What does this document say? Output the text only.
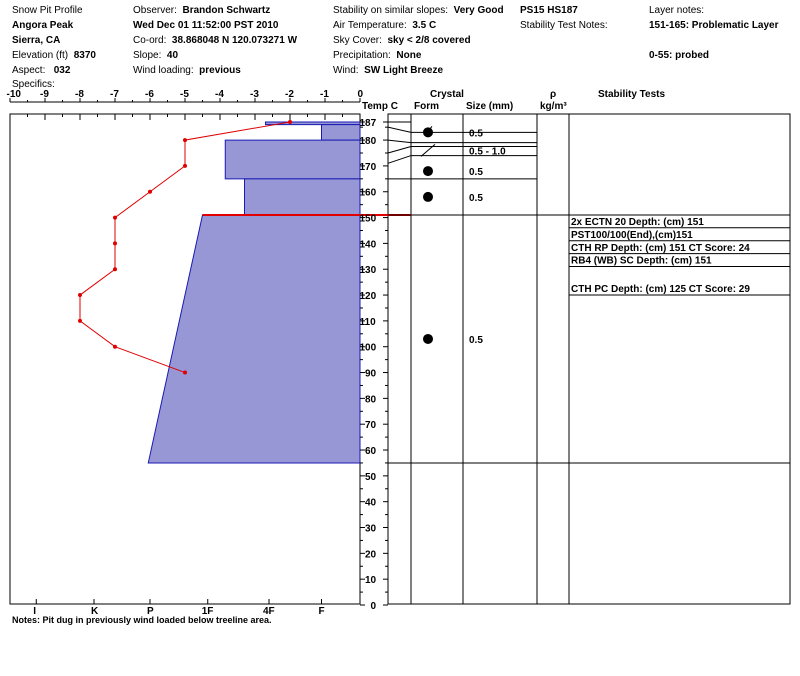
Snow Pit Profile
Angora Peak
Sierra, CA
Elevation (ft) 8370
Aspect: 032
Specifics:
Observer: Brandon Schwartz
Wed Dec 01 11:52:00 PST 2010
Co-ord: 38.868048 N 120.073271 W
Slope: 40
Wind loading: previous
Stability on similar slopes: Very Good
Air Temperature: 3.5 C
Sky Cover: sky < 2/8 covered
Precipitation: None
Wind: SW Light Breeze
PS15 HS187
Stability Test Notes:
Layer notes:
151-165: Problematic Layer
0-55: probed
-10 -9	-8	-7	-6	-5	-4	-3	-2	-1	0
I	K	P	1F	4F	F
187
180
170
160
150
140
130
120
110
100
90
80
70
60
50
40
30
20
10
0
Temp C
Crystal
Form	Size (mm)
ρ
kg/m³
Stability Tests
0.5
0.5 - 1.0
0.5
0.5
0.5
2x ECTN 20 Depth: (cm) 151
PST100/100(End),(cm)151
CTH RP Depth: (cm) 151 CT Score: 24
RB4 (WB) SC Depth: (cm) 151
CTH PC Depth: (cm) 125 CT Score: 29
Notes: Pit dug in previously wind loaded below treeline area.
